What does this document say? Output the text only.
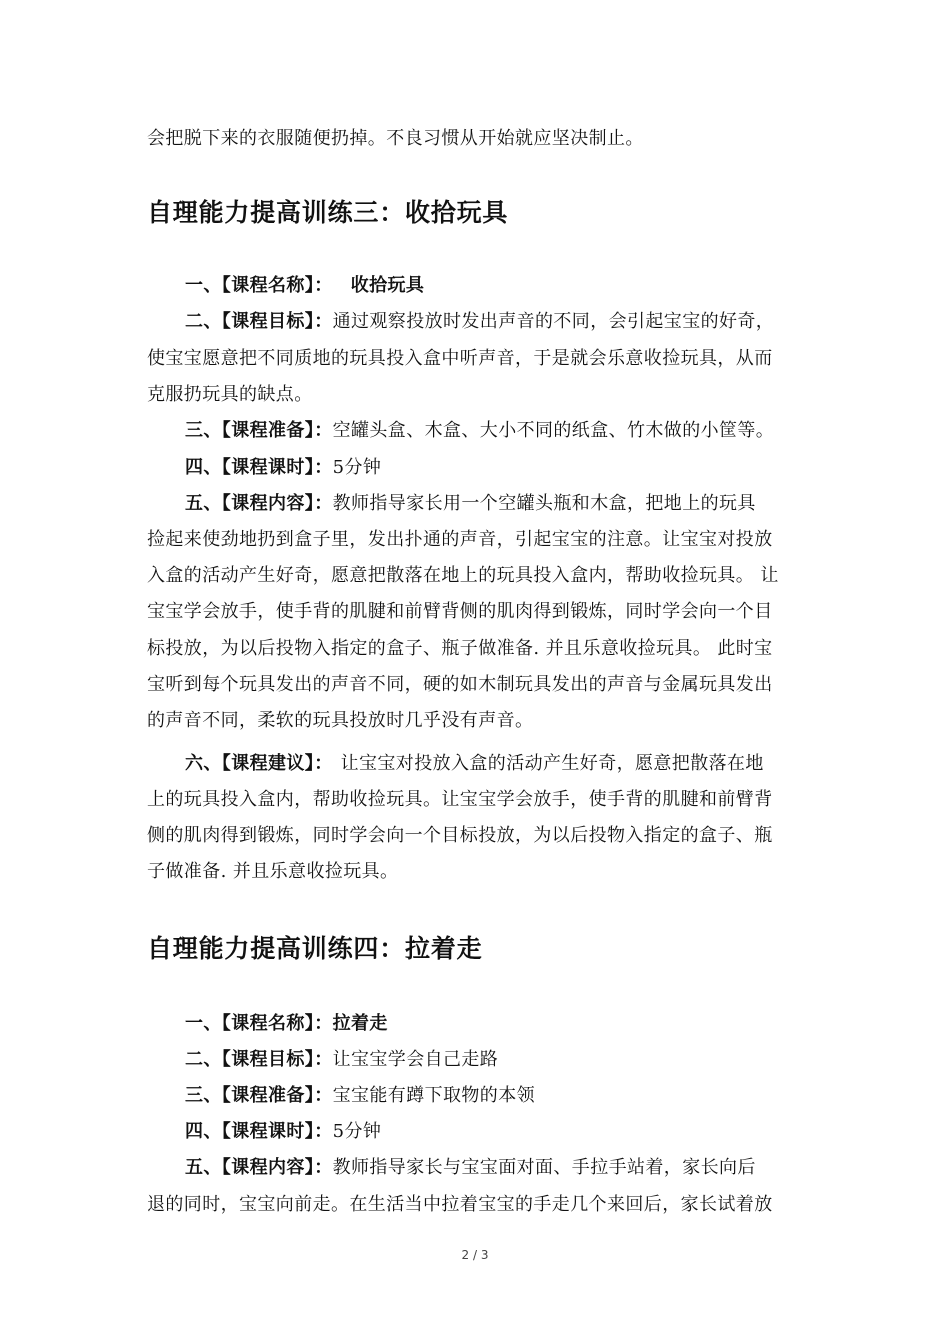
会把脱下来的衣服随便扔掉。不良习惯从开始就应坚决制止。
自理能力提高训练三：收拾玩具
一、【课程名称】： 收拾玩具
二、【课程目标】：通过观察投放时发出声音的不同，会引起宝宝的好奇，
使宝宝愿意把不同质地的玩具投入盒中听声音，于是就会乐意收捡玩具，从而
克服扔玩具的缺点。
三、【课程准备】：空罐头盒、木盒、大小不同的纸盒、竹木做的小筐等。
四、【课程课时】：5分钟
五、【课程内容】：教师指导家长用一个空罐头瓶和木盒，把地上的玩具
捡起来使劲地扔到盒子里，发出扑通的声音，引起宝宝的注意。让宝宝对投放
入盒的活动产生好奇，愿意把散落在地上的玩具投入盒内，帮助收捡玩具。 让
宝宝学会放手，使手背的肌腱和前臂背侧的肌肉得到锻炼，同时学会向一个目
标投放，为以后投物入指定的盒子、瓶子做准备. 并且乐意收捡玩具。 此时宝
宝听到每个玩具发出的声音不同，硬的如木制玩具发出的声音与金属玩具发出
的声音不同，柔软的玩具投放时几乎没有声音。
六、【课程建议】： 让宝宝对投放入盒的活动产生好奇，愿意把散落在地
上的玩具投入盒内，帮助收捡玩具。让宝宝学会放手，使手背的肌腱和前臂背
侧的肌肉得到锻炼，同时学会向一个目标投放，为以后投物入指定的盒子、瓶
子做准备. 并且乐意收捡玩具。
自理能力提高训练四：拉着走
一、【课程名称】：拉着走
二、【课程目标】：让宝宝学会自己走路
三、【课程准备】：宝宝能有蹲下取物的本领
四、【课程课时】：5分钟
五、【课程内容】：教师指导家长与宝宝面对面、手拉手站着，家长向后
退的同时，宝宝向前走。在生活当中拉着宝宝的手走几个来回后，家长试着放
2 / 3
